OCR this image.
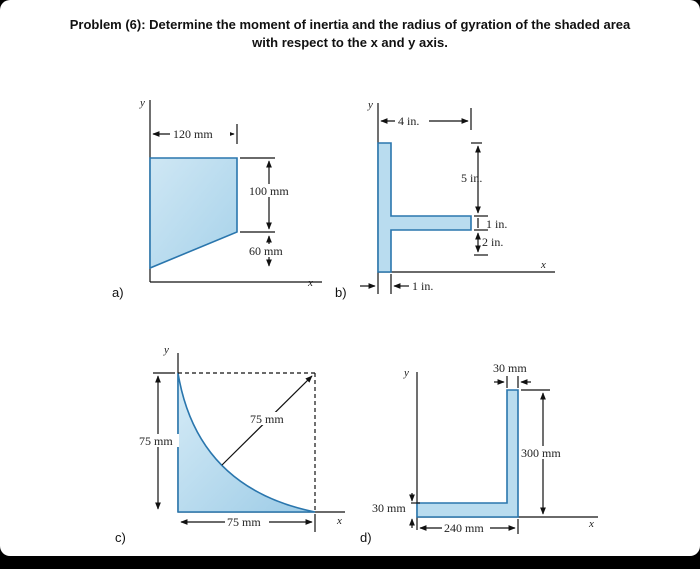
Problem (6): Determine the moment of inertia and the radius of gyration of the shaded area
with respect to the x and y axis.
a)
y
x
120 mm
100 mm
60 mm
b)
y
x
4 in.
5 in.
1 in.
2 in.
1 in.
c)
y
x
75 mm
75 mm
75 mm
d)
y
x
30 mm
300 mm
30 mm
240 mm
